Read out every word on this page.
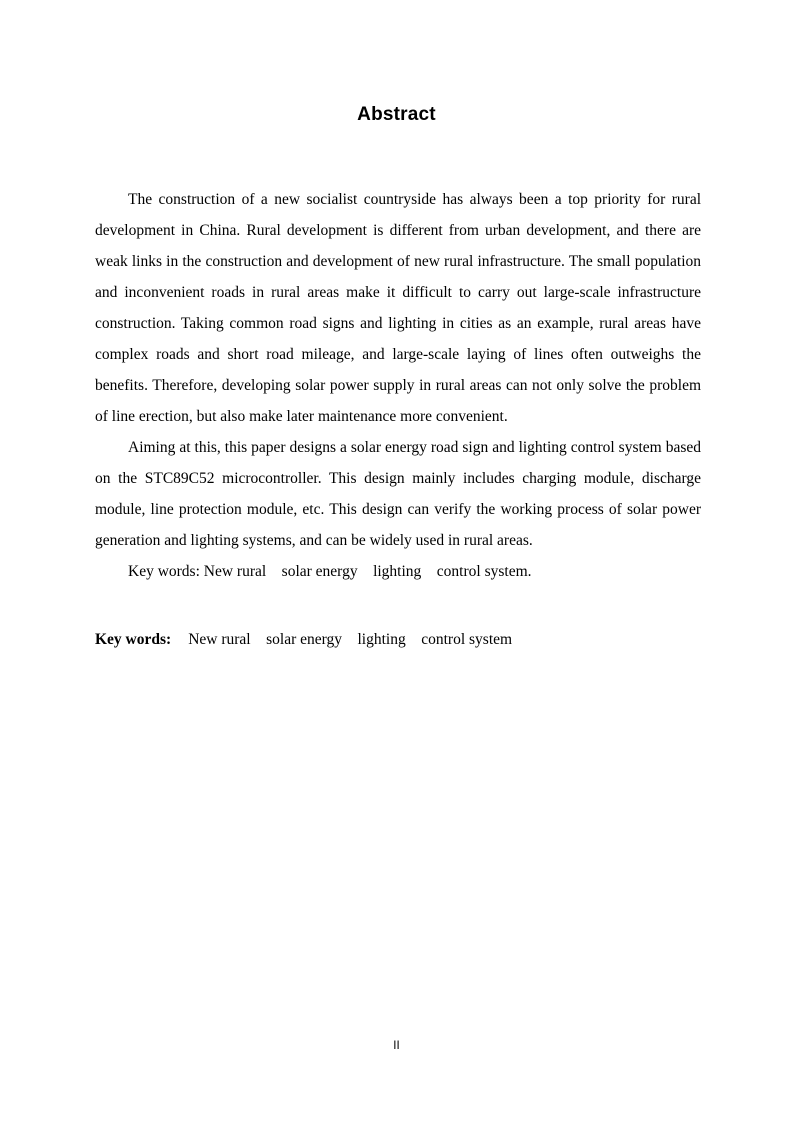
Abstract

The construction of a new socialist countryside has always been a top priority for rural development in China. Rural development is different from urban development, and there are weak links in the construction and development of new rural infrastructure. The small population and inconvenient roads in rural areas make it difficult to carry out large-scale infrastructure construction. Taking common road signs and lighting in cities as an example, rural areas have complex roads and short road mileage, and large-scale laying of lines often outweighs the benefits. Therefore, developing solar power supply in rural areas can not only solve the problem of line erection, but also make later maintenance more convenient.

Aiming at this, this paper designs a solar energy road sign and lighting control system based on the STC89C52 microcontroller. This design mainly includes charging module, discharge module, line protection module, etc. This design can verify the working process of solar power generation and lighting systems, and can be widely used in rural areas.

Key words: New rural    solar energy    lighting    control system.

Key words: New rural    solar energy    lighting    control system

II
